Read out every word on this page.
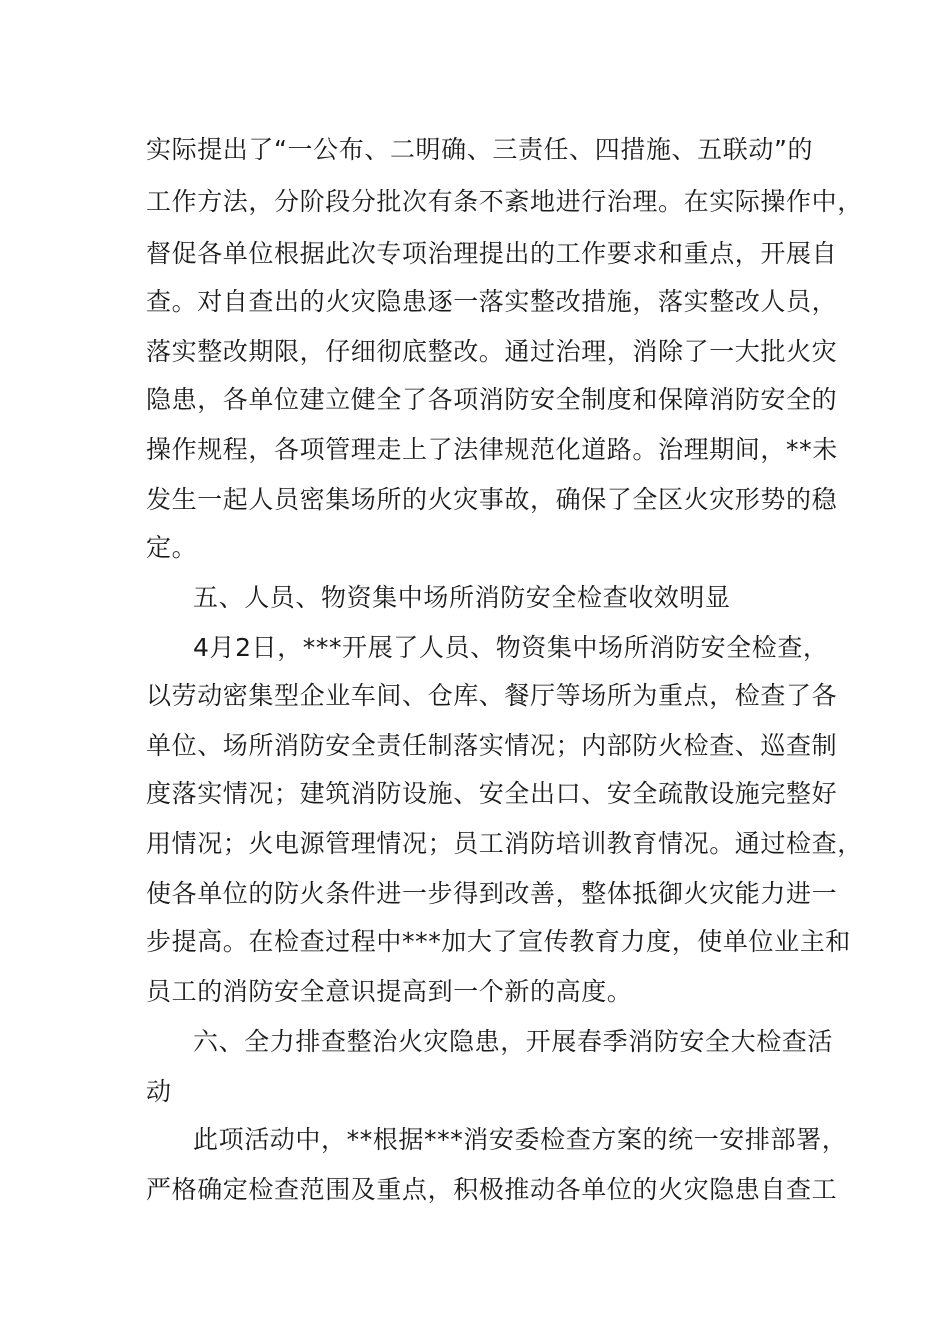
实际提出了“一公布、二明确、三责任、四措施、五联动”的
工作方法，分阶段分批次有条不紊地进行治理。在实际操作中，
督促各单位根据此次专项治理提出的工作要求和重点，开展自
查。对自查出的火灾隐患逐一落实整改措施，落实整改人员，
落实整改期限，仔细彻底整改。通过治理，消除了一大批火灾
隐患，各单位建立健全了各项消防安全制度和保障消防安全的
操作规程，各项管理走上了法律规范化道路。治理期间，**未
发生一起人员密集场所的火灾事故，确保了全区火灾形势的稳
定。
五、人员、物资集中场所消防安全检查收效明显
4月2日，***开展了人员、物资集中场所消防安全检查，
以劳动密集型企业车间、仓库、餐厅等场所为重点，检查了各
单位、场所消防安全责任制落实情况；内部防火检查、巡查制
度落实情况；建筑消防设施、安全出口、安全疏散设施完整好
用情况；火电源管理情况；员工消防培训教育情况。通过检查，
使各单位的防火条件进一步得到改善，整体抵御火灾能力进一
步提高。在检查过程中***加大了宣传教育力度，使单位业主和
员工的消防安全意识提高到一个新的高度。
六、全力排查整治火灾隐患，开展春季消防安全大检查活
动
此项活动中，**根据***消安委检查方案的统一安排部署，
严格确定检查范围及重点，积极推动各单位的火灾隐患自查工
